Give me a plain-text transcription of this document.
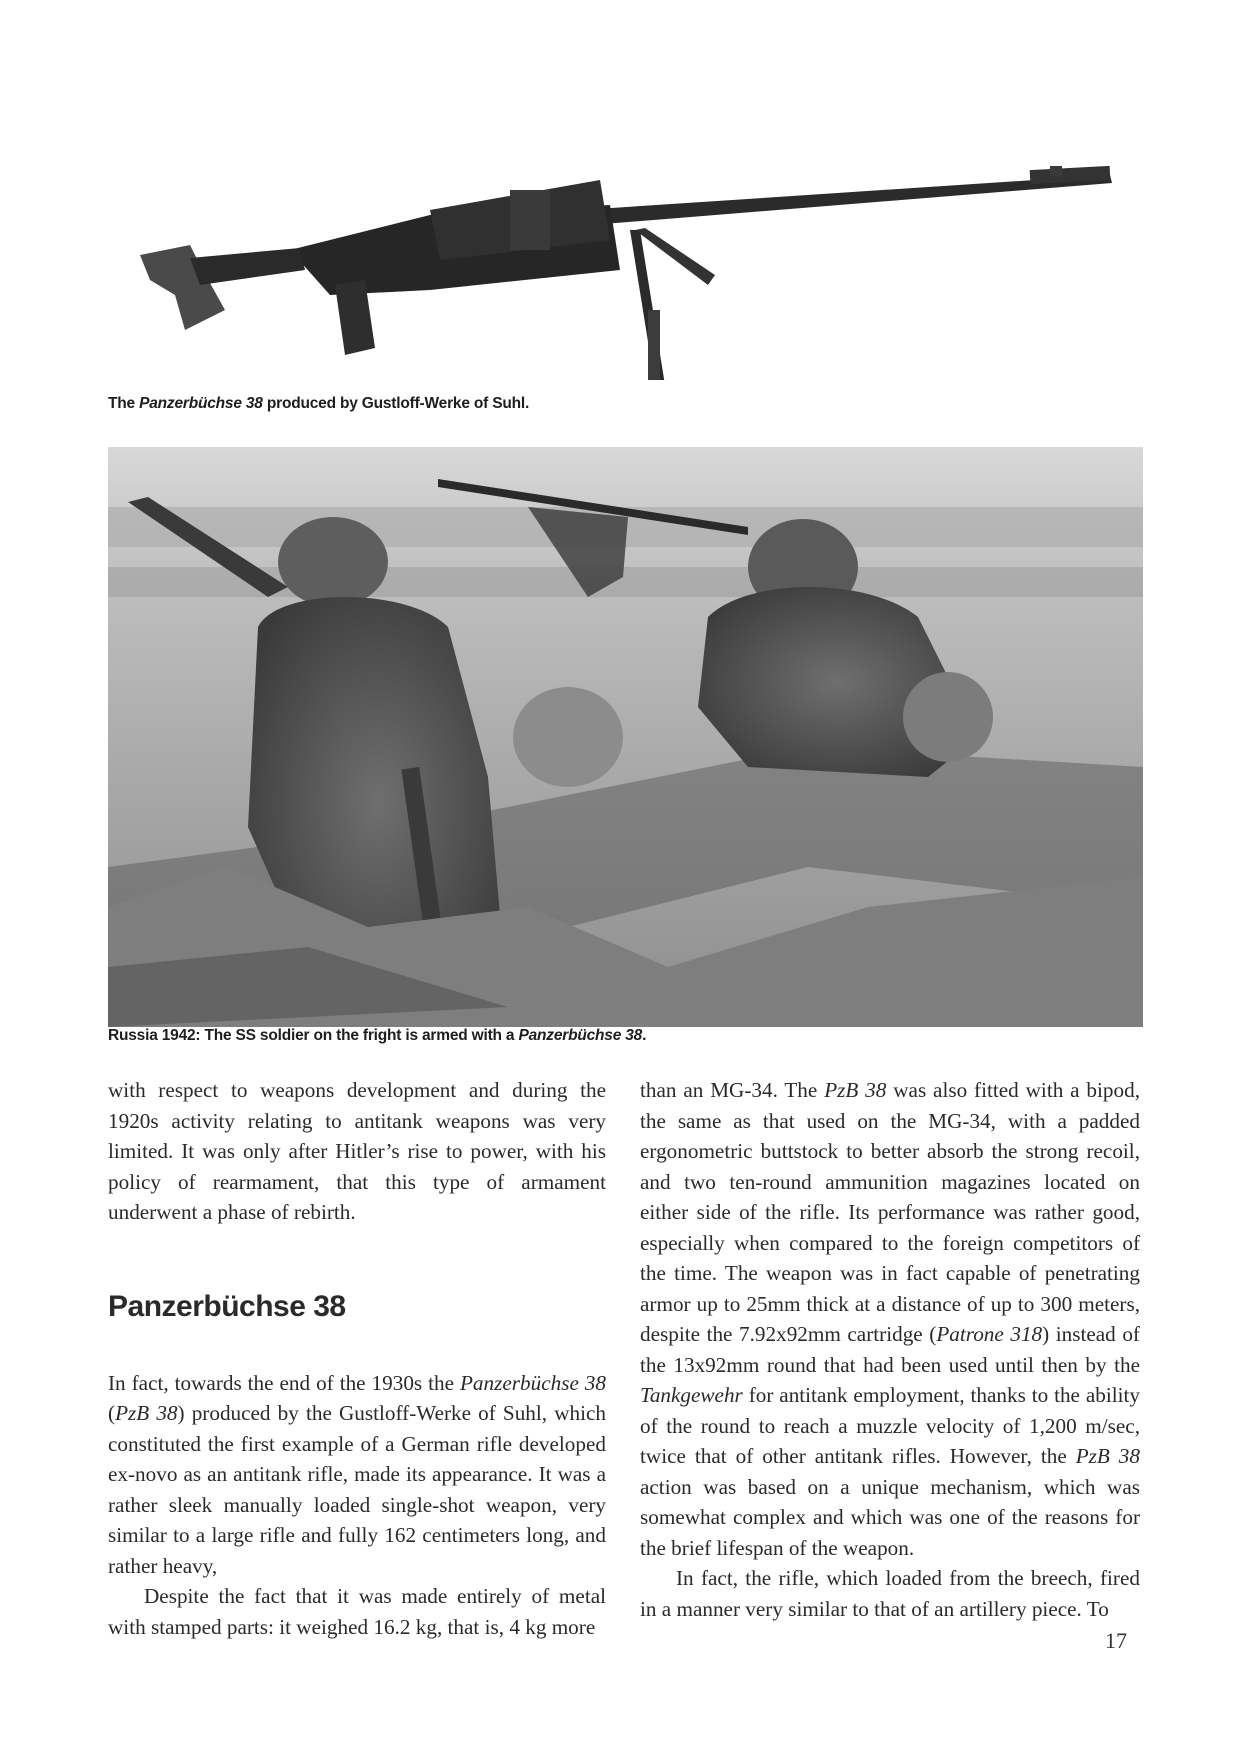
The Panzerbüchse 38 produced by Gustloff-Werke of Suhl.
Russia 1942: The SS soldier on the fright is armed with a Panzerbüchse 38.

with respect to weapons development and during the 1920s activity relating to antitank weapons was very limited. It was only after Hitler’s rise to power, with his policy of rearmament, that this type of armament underwent a phase of rebirth.

Panzerbüchse 38

In fact, towards the end of the 1930s the Panzerbüchse 38 (PzB 38) produced by the Gustloff-Werke of Suhl, which constituted the first example of a German rifle developed ex-novo as an antitank rifle, made its appearance. It was a rather sleek manually loaded single-shot weapon, very similar to a large rifle and fully 162 centimeters long, and rather heavy,

Despite the fact that it was made entirely of metal with stamped parts: it weighed 16.2 kg, that is, 4 kg more

than an MG-34. The PzB 38 was also fitted with a bipod, the same as that used on the MG-34, with a padded ergonometric buttstock to better absorb the strong recoil, and two ten-round ammunition magazines located on either side of the rifle. Its performance was rather good, especially when compared to the foreign competitors of the time. The weapon was in fact capable of penetrating armor up to 25mm thick at a distance of up to 300 meters, despite the 7.92x92mm cartridge (Patrone 318) instead of the 13x92mm round that had been used until then by the Tankgewehr for antitank employment, thanks to the ability of the round to reach a muzzle velocity of 1,200 m/sec, twice that of other antitank rifles. However, the PzB 38 action was based on a unique mechanism, which was somewhat complex and which was one of the reasons for the brief lifespan of the weapon.

In fact, the rifle, which loaded from the breech, fired in a manner very similar to that of an artillery piece. To

17
